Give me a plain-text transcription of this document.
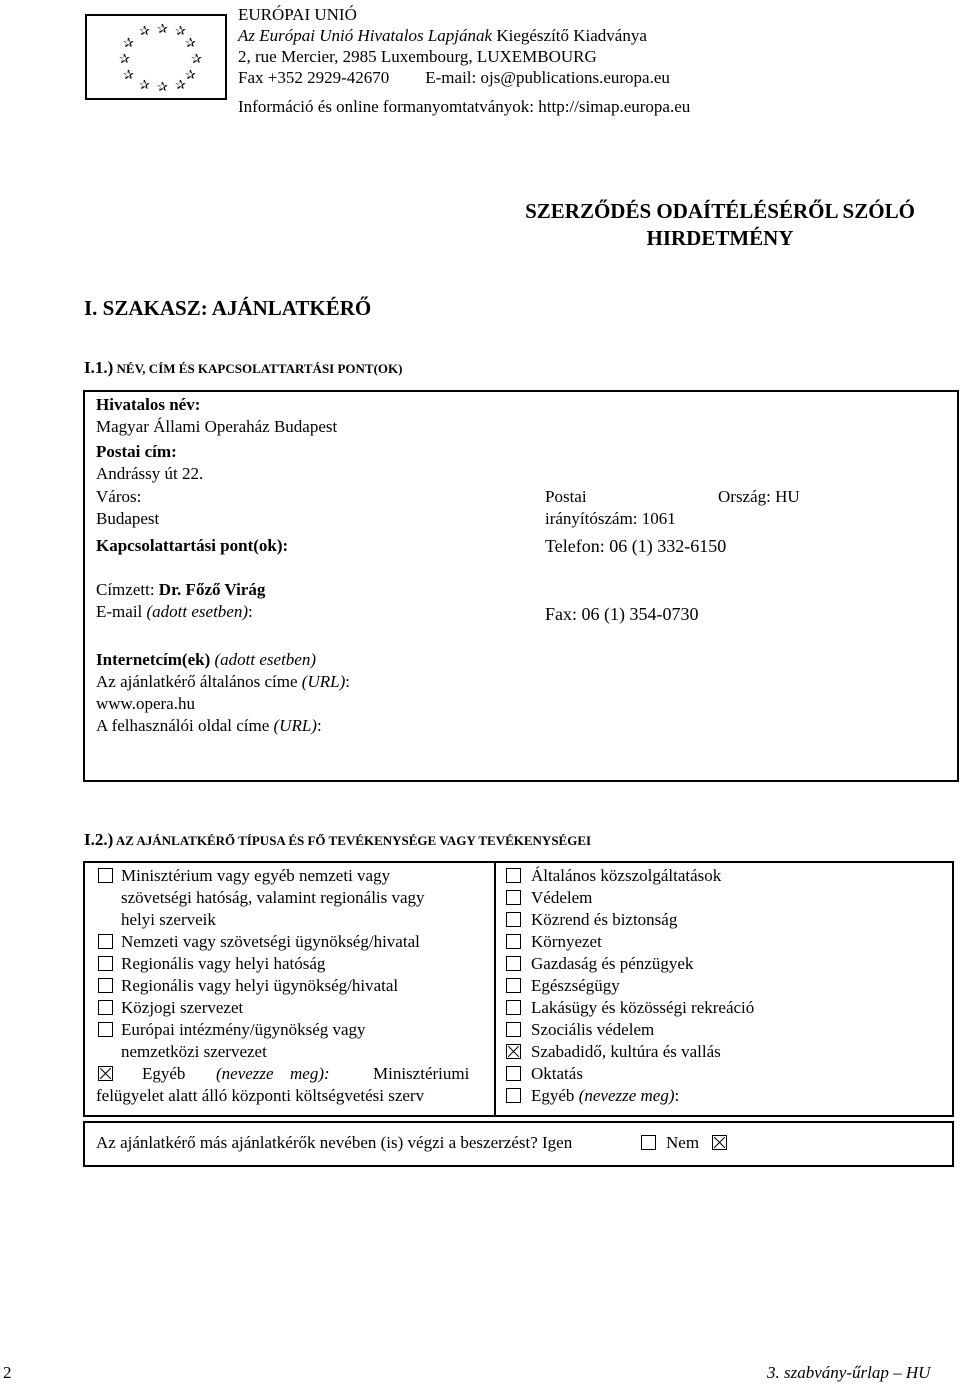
✰ ✰ ✰
✰	✰
✰	✰
✰	✰
✰ ✰ ✰
EURÓPAI UNIÓ
Az Európai Unió Hivatalos Lapjának Kiegészítő Kiadványa
2, rue Mercier, 2985 Luxembourg, LUXEMBOURG
Fax +352 2929-42670 E-mail: ojs@publications.europa.eu
Információ és online formanyomtatványok: http://simap.europa.eu
SZERZŐDÉS ODAÍTÉLÉSÉRŐL SZÓLÓ
HIRDETMÉNY
I. SZAKASZ: AJÁNLATKÉRŐ
I.1.) NÉV, CÍM ÉS KAPCSOLATTARTÁSI PONT(OK)
Hivatalos név:
Magyar Állami Operaház Budapest
Postai cím:
Andrássy út 22.
Város:
Budapest
Postai
irányítószám: 1061
Ország: HU
Kapcsolattartási pont(ok):	Telefon: 06 (1) 332-6150
Címzett: Dr. Főző Virág
E-mail (adott esetben):	Fax: 06 (1) 354-0730
Internetcím(ek) (adott esetben)
Az ajánlatkérő általános címe (URL):
www.opera.hu
A felhasználói oldal címe (URL):
I.2.) AZ AJÁNLATKÉRŐ TÍPUSA ÉS FŐ TEVÉKENYSÉGE VAGY TEVÉKENYSÉGEI
Minisztérium vagy egyéb nemzeti vagy
szövetségi hatóság, valamint regionális vagy
helyi szerveik
Nemzeti vagy szövetségi ügynökség/hivatal
Regionális vagy helyi hatóság
Regionális vagy helyi ügynökség/hivatal
Közjogi szervezet
Európai intézmény/ügynökség vagy
nemzetközi szervezet
Egyéb (nevezze meg):	Minisztériumi
felügyelet alatt álló központi költségvetési szerv
Általános közszolgáltatások
Védelem
Közrend és biztonság
Környezet
Gazdaság és pénzügyek
Egészségügy
Lakásügy és közösségi rekreáció
Szociális védelem
Szabadidő, kultúra és vallás
Oktatás
Egyéb (nevezze meg):
Az ajánlatkérő más ajánlatkérők nevében (is) végzi a beszerzést? Igen	Nem
2	3. szabvány-űrlap – HU
